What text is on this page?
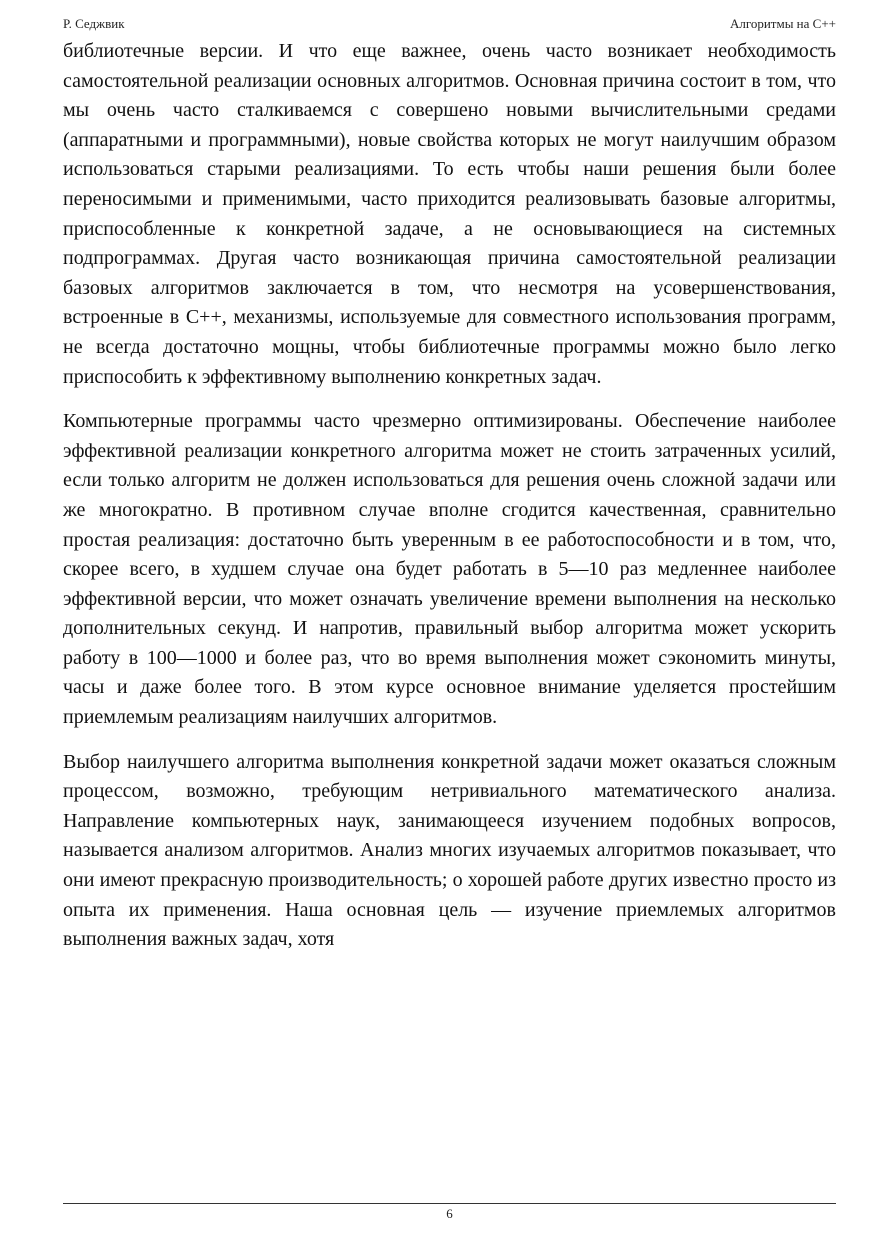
Р. Седжвик	Алгоритмы на С++

библиотечные версии. И что еще важнее, очень часто возникает необходимость самостоятельной реализации основных алгоритмов. Основная причина состоит в том, что мы очень часто сталкиваемся с совершено новыми вычислительными средами (аппаратными и программными), новые свойства которых не могут наилучшим образом использоваться старыми реализациями. То есть чтобы наши решения были более переносимыми и применимыми, часто приходится реализовывать базовые алгоритмы, приспособленные к конкретной задаче, а не основывающиеся на системных подпрограммах. Другая часто возникающая причина самостоятельной реализации базовых алгоритмов заключается в том, что несмотря на усовершенствования, встроенные в С++, механизмы, используемые для совместного использования программ, не всегда достаточно мощны, чтобы библиотечные программы можно было легко приспособить к эффективному выполнению конкретных задач.

Компьютерные программы часто чрезмерно оптимизированы. Обеспечение наиболее эффективной реализации конкретного алгоритма может не стоить затраченных усилий, если только алгоритм не должен использоваться для решения очень сложной задачи или же многократно. В противном случае вполне сгодится качественная, сравнительно простая реализация: достаточно быть уверенным в ее работоспособности и в том, что, скорее всего, в худшем случае она будет работать в 5—10 раз медленнее наиболее эффективной версии, что может означать увеличение времени выполнения на несколько дополнительных секунд. И напротив, правильный выбор алгоритма может ускорить работу в 100—1000 и более раз, что во время выполнения может сэкономить минуты, часы и даже более того. В этом курсе основное внимание уделяется простейшим приемлемым реализациям наилучших алгоритмов.

Выбор наилучшего алгоритма выполнения конкретной задачи может оказаться сложным процессом, возможно, требующим нетривиального математического анализа. Направление компьютерных наук, занимающееся изучением подобных вопросов, называется анализом алгоритмов. Анализ многих изучаемых алгоритмов показывает, что они имеют прекрасную производительность; о хорошей работе других известно просто из опыта их применения. Наша основная цель — изучение приемлемых алгоритмов выполнения важных задач, хотя

6
